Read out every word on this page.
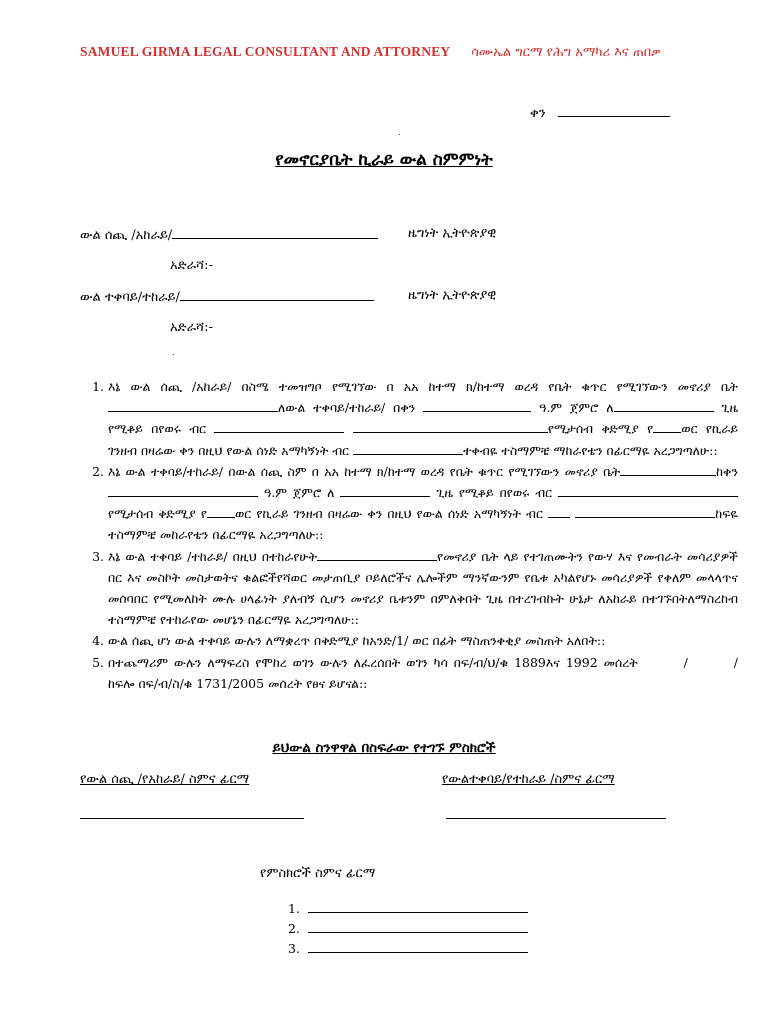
SAMUEL GIRMA LEGAL CONSULTANT AND ATTORNEY ሳሙኤል ግርማ የሕግ አማካሪ እና ጠበቃ
ቀን
.
የመኖርያቤት ኪራይ ውል ስምምነት
ውል ሰጪ /አከራይ/	ዜግነት ኢትዮጵያዊ
አድራሻ:-
ውል ተቀባይ/ተከራይ/	ዜግነት ኢትዮጵያዊ
አድራሻ:-
.
1. እኔ ውል ሰጪ /አከራይ/ በስሜ ተመዝግቦ የሚገኘው በ አአ ከተማ ክ/ከተማ ወረዳ የቤት ቁጥር የሚገኘውን መኖሪያ ቤት ለውል ተቀባይ/ተከራይ/ በቀን	ዓ.ም ጀምሮ ለ	ጊዜ የሚቆይ በየወሩ ብር	የሚታሰብ ቅድሚያ የ ወር የኪራይ ገንዘብ በዛሬው ቀን በዚህ የውል ሰነድ አማካኝነት ብር	ተቀብዬ ተስማምቼ ማከራየቴን በፊርማዬ አረጋግጣለሁ::
2. እኔ ውል ተቀባይ/ተከራይ/ በውል ሰጪ ስም በ አአ ከተማ ክ/ከተማ ወረዳ የቤት ቁጥር የሚገኘውን መኖሪያ ቤት	ከቀን  ዓ.ም ጀምሮ ለ	ጊዜ የሚቆይ በየወሩ ብር  የሚታሰብ ቅድሚያ የ ወር የኪራይ ገንዘብ በዛሬው ቀን በዚህ የውል ሰነድ አማካኝነት ብር	ከፍዬ ተስማምቼ መከራየቴን በፊርማዬ አረጋግጣለሁ::
3. እኔ ውል ተቀባይ /ተከራይ/ በዚህ በተከራየሁት	የመኖሪያ ቤት ላይ የተገጠሙትን የውሃ እና የመብራት መሳሪያዎች በር እና መስኮት መስታወትና ቁልፎችየሻወር መታጠቢያ ቦይለሮችና ሌሎችም ማንኛውንም የቤቱ አካልየሆኑ መሳሪያዎች የቀለም መላላጥና መሰባበር የሚመለከት ሙሉ ሀላፊነት ያለብኝ ሲሆን መኖሪያ ቤቱንም በምለቅበት ጊዜ በተረገብኩት ሁኔታ ለአከራይ በተገኙበትለማስረከብ ተስማምቼ የተከራየው መሆኔን በፊርማዬ አረጋግጣለሁ::
4. ውል ሰጪ ሆነ ውል ተቀባይ ውሉን ለማቋረጥ በቅድሚያ ከአንድ/1/ ወር በፊት ማስጠንቀቂያ መስጠት አለበት::
5. በተጨማሪም ውሉን ለማፍረስ የሞከረ ወገን ውሉን ለፈረሰበት ወገን ካሳ በፍ/ብ/ህ/ቁ 1889እና 1992 መሰረት	/	/ ከፍሎ በፍ/ብ/ስ/ቁ 1731/2005 መሰረት የፀና ይሆናል::
ይህውል ስንዋዋል በስፍራው የተገኙ ምስክሮች
የውል ሰጪ /የአከራይ/ ስምና ፊርማ	የውልተቀባይ/የተከራይ /ስምና ፊርማ
የምስክሮች ስምና ፊርማ
1.
2.
3.
